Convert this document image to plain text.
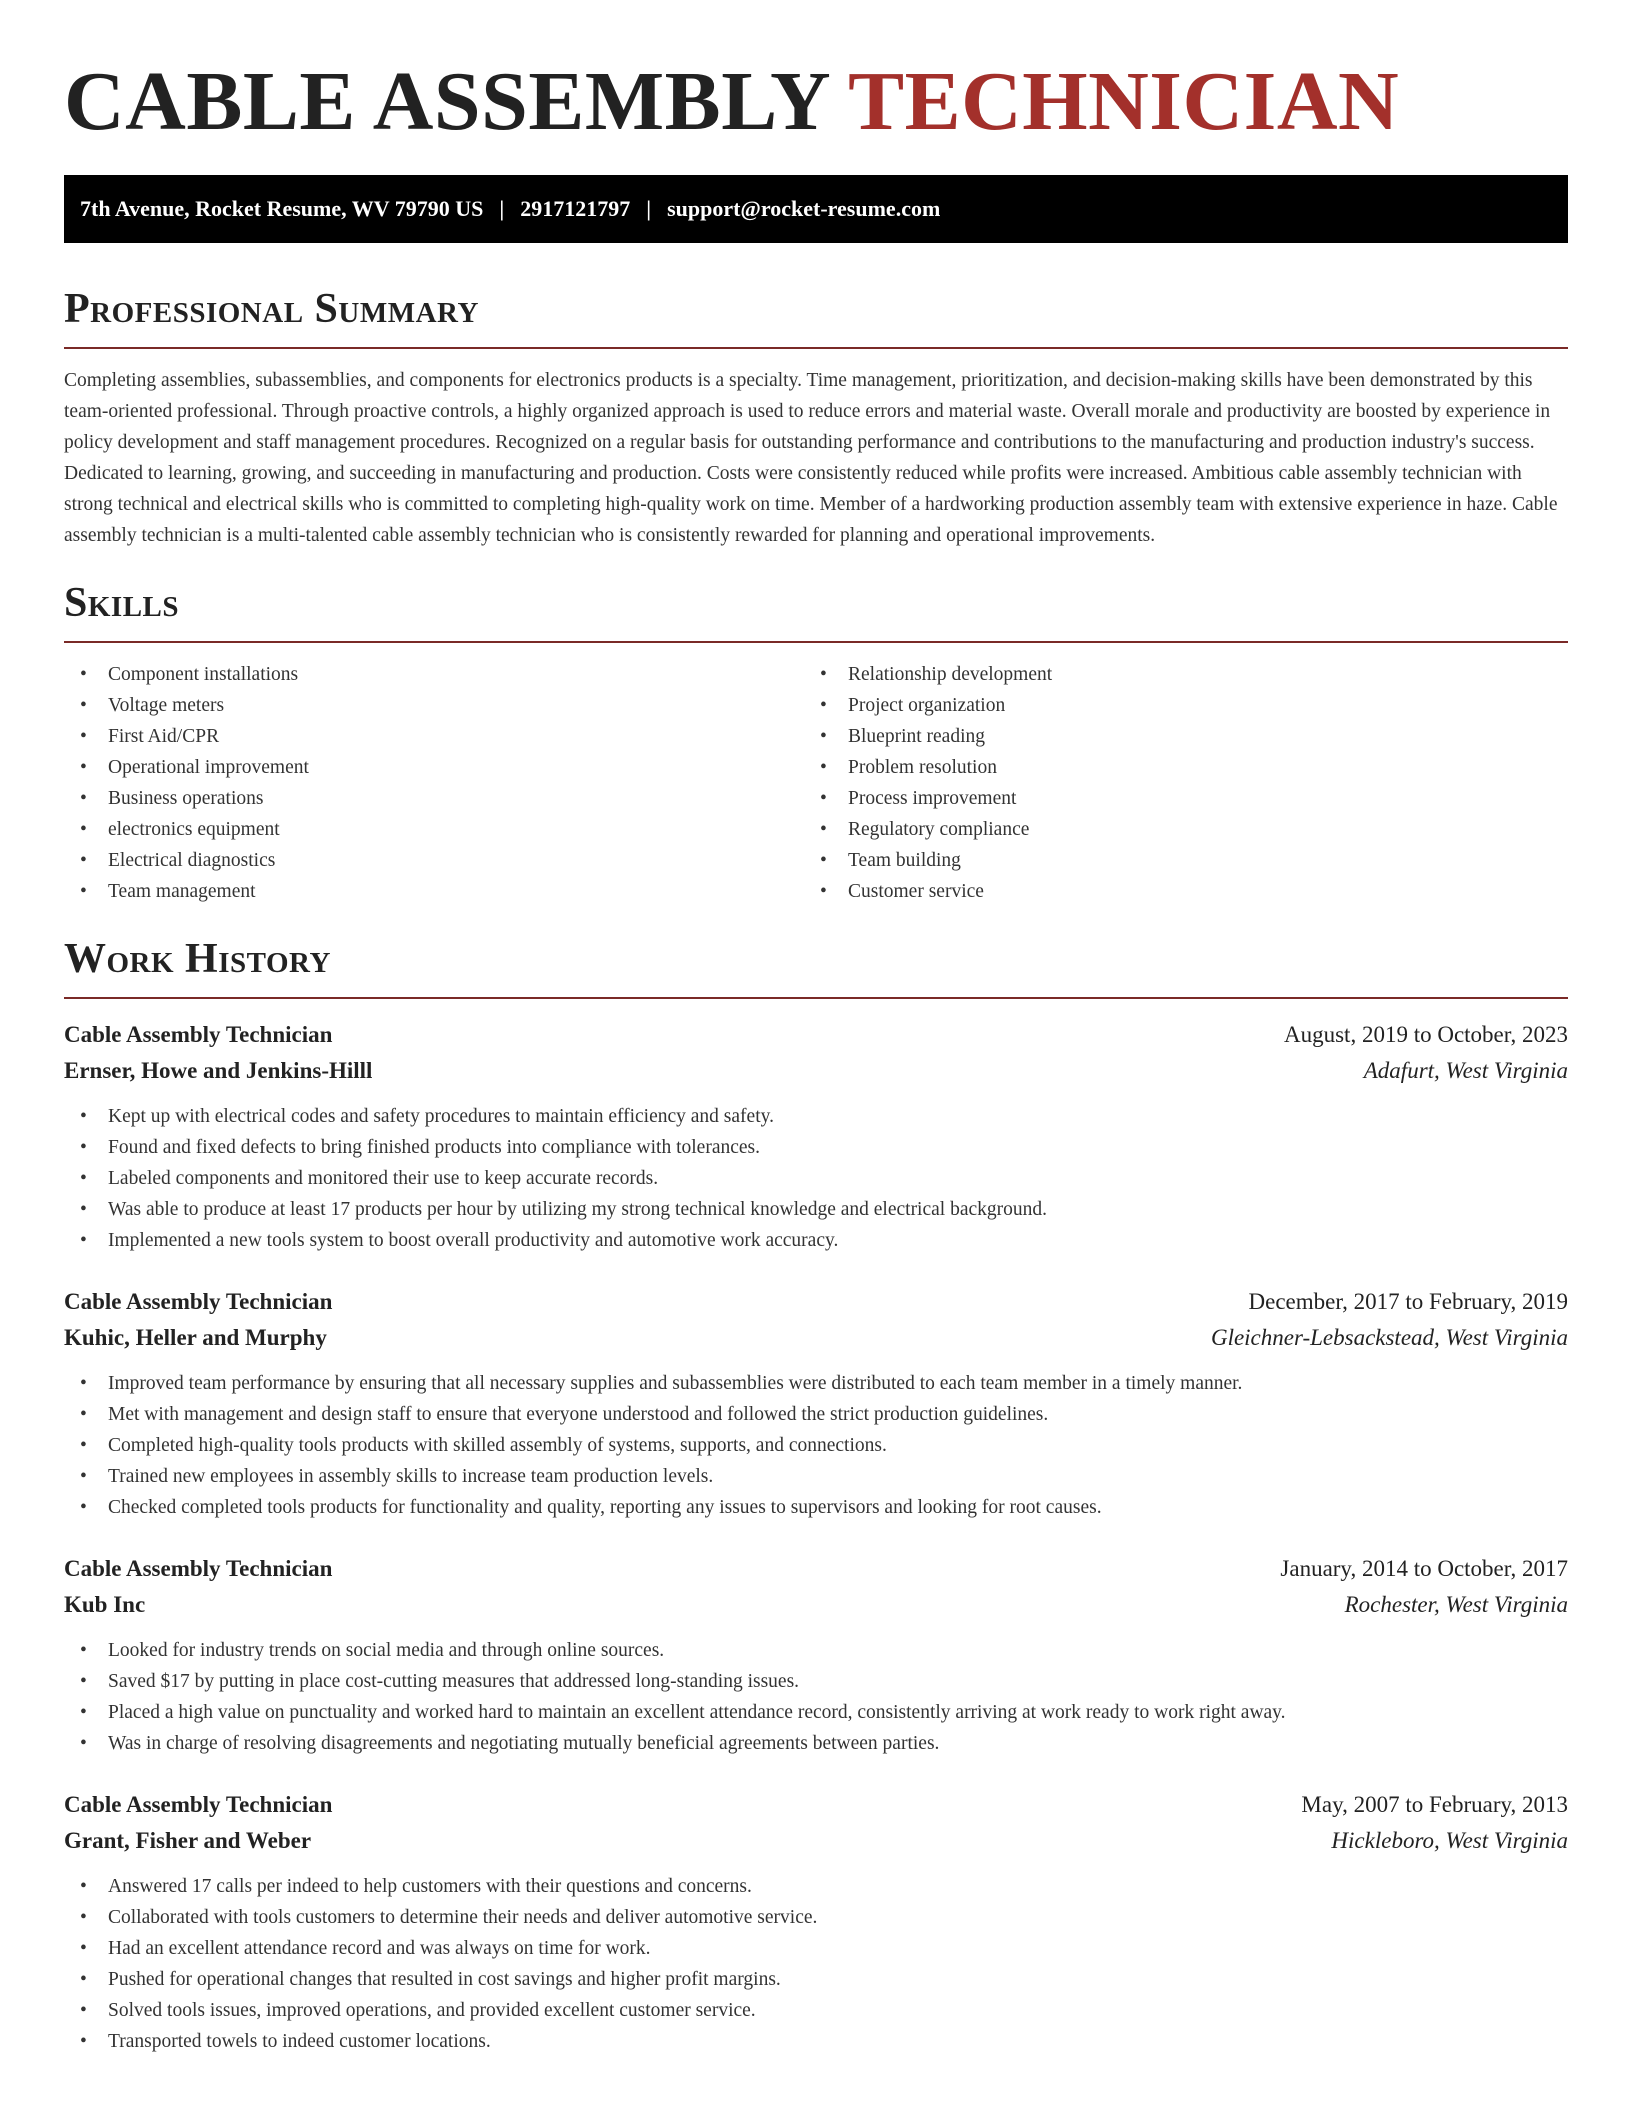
CABLE ASSEMBLY TECHNICIAN
7th Avenue, Rocket Resume, WV 79790 US | 2917121797 | support@rocket-resume.com
Professional Summary

Completing assemblies, subassemblies, and components for electronics products is a specialty. Time management, prioritization, and decision-making skills have been demonstrated by this team-oriented professional. Through proactive controls, a highly organized approach is used to reduce errors and material waste. Overall morale and productivity are boosted by experience in policy development and staff management procedures. Recognized on a regular basis for outstanding performance and contributions to the manufacturing and production industry's success. Dedicated to learning, growing, and succeeding in manufacturing and production. Costs were consistently reduced while profits were increased. Ambitious cable assembly technician with strong technical and electrical skills who is committed to completing high-quality work on time. Member of a hardworking production assembly team with extensive experience in haze. Cable assembly technician is a multi-talented cable assembly technician who is consistently rewarded for planning and operational improvements.

Skills
• Component installations
• Voltage meters
• First Aid/CPR
• Operational improvement
• Business operations
• electronics equipment
• Electrical diagnostics
• Team management
• Relationship development
• Project organization
• Blueprint reading
• Problem resolution
• Process improvement
• Regulatory compliance
• Team building
• Customer service
Work History
Cable Assembly Technician	August, 2019 to October, 2023
Ernser, Howe and Jenkins-Hilll	Adafurt, West Virginia
• Kept up with electrical codes and safety procedures to maintain efficiency and safety.
• Found and fixed defects to bring finished products into compliance with tolerances.
• Labeled components and monitored their use to keep accurate records.
• Was able to produce at least 17 products per hour by utilizing my strong technical knowledge and electrical background.
• Implemented a new tools system to boost overall productivity and automotive work accuracy.
Cable Assembly Technician	December, 2017 to February, 2019
Kuhic, Heller and Murphy	Gleichner-Lebsackstead, West Virginia
• Improved team performance by ensuring that all necessary supplies and subassemblies were distributed to each team member in a timely manner.
• Met with management and design staff to ensure that everyone understood and followed the strict production guidelines.
• Completed high-quality tools products with skilled assembly of systems, supports, and connections.
• Trained new employees in assembly skills to increase team production levels.
• Checked completed tools products for functionality and quality, reporting any issues to supervisors and looking for root causes.
Cable Assembly Technician	January, 2014 to October, 2017
Kub Inc	Rochester, West Virginia
• Looked for industry trends on social media and through online sources.
• Saved $17 by putting in place cost-cutting measures that addressed long-standing issues.
• Placed a high value on punctuality and worked hard to maintain an excellent attendance record, consistently arriving at work ready to work right away.
• Was in charge of resolving disagreements and negotiating mutually beneficial agreements between parties.
Cable Assembly Technician	May, 2007 to February, 2013
Grant, Fisher and Weber	Hickleboro, West Virginia
• Answered 17 calls per indeed to help customers with their questions and concerns.
• Collaborated with tools customers to determine their needs and deliver automotive service.
• Had an excellent attendance record and was always on time for work.
• Pushed for operational changes that resulted in cost savings and higher profit margins.
• Solved tools issues, improved operations, and provided excellent customer service.
• Transported towels to indeed customer locations.
